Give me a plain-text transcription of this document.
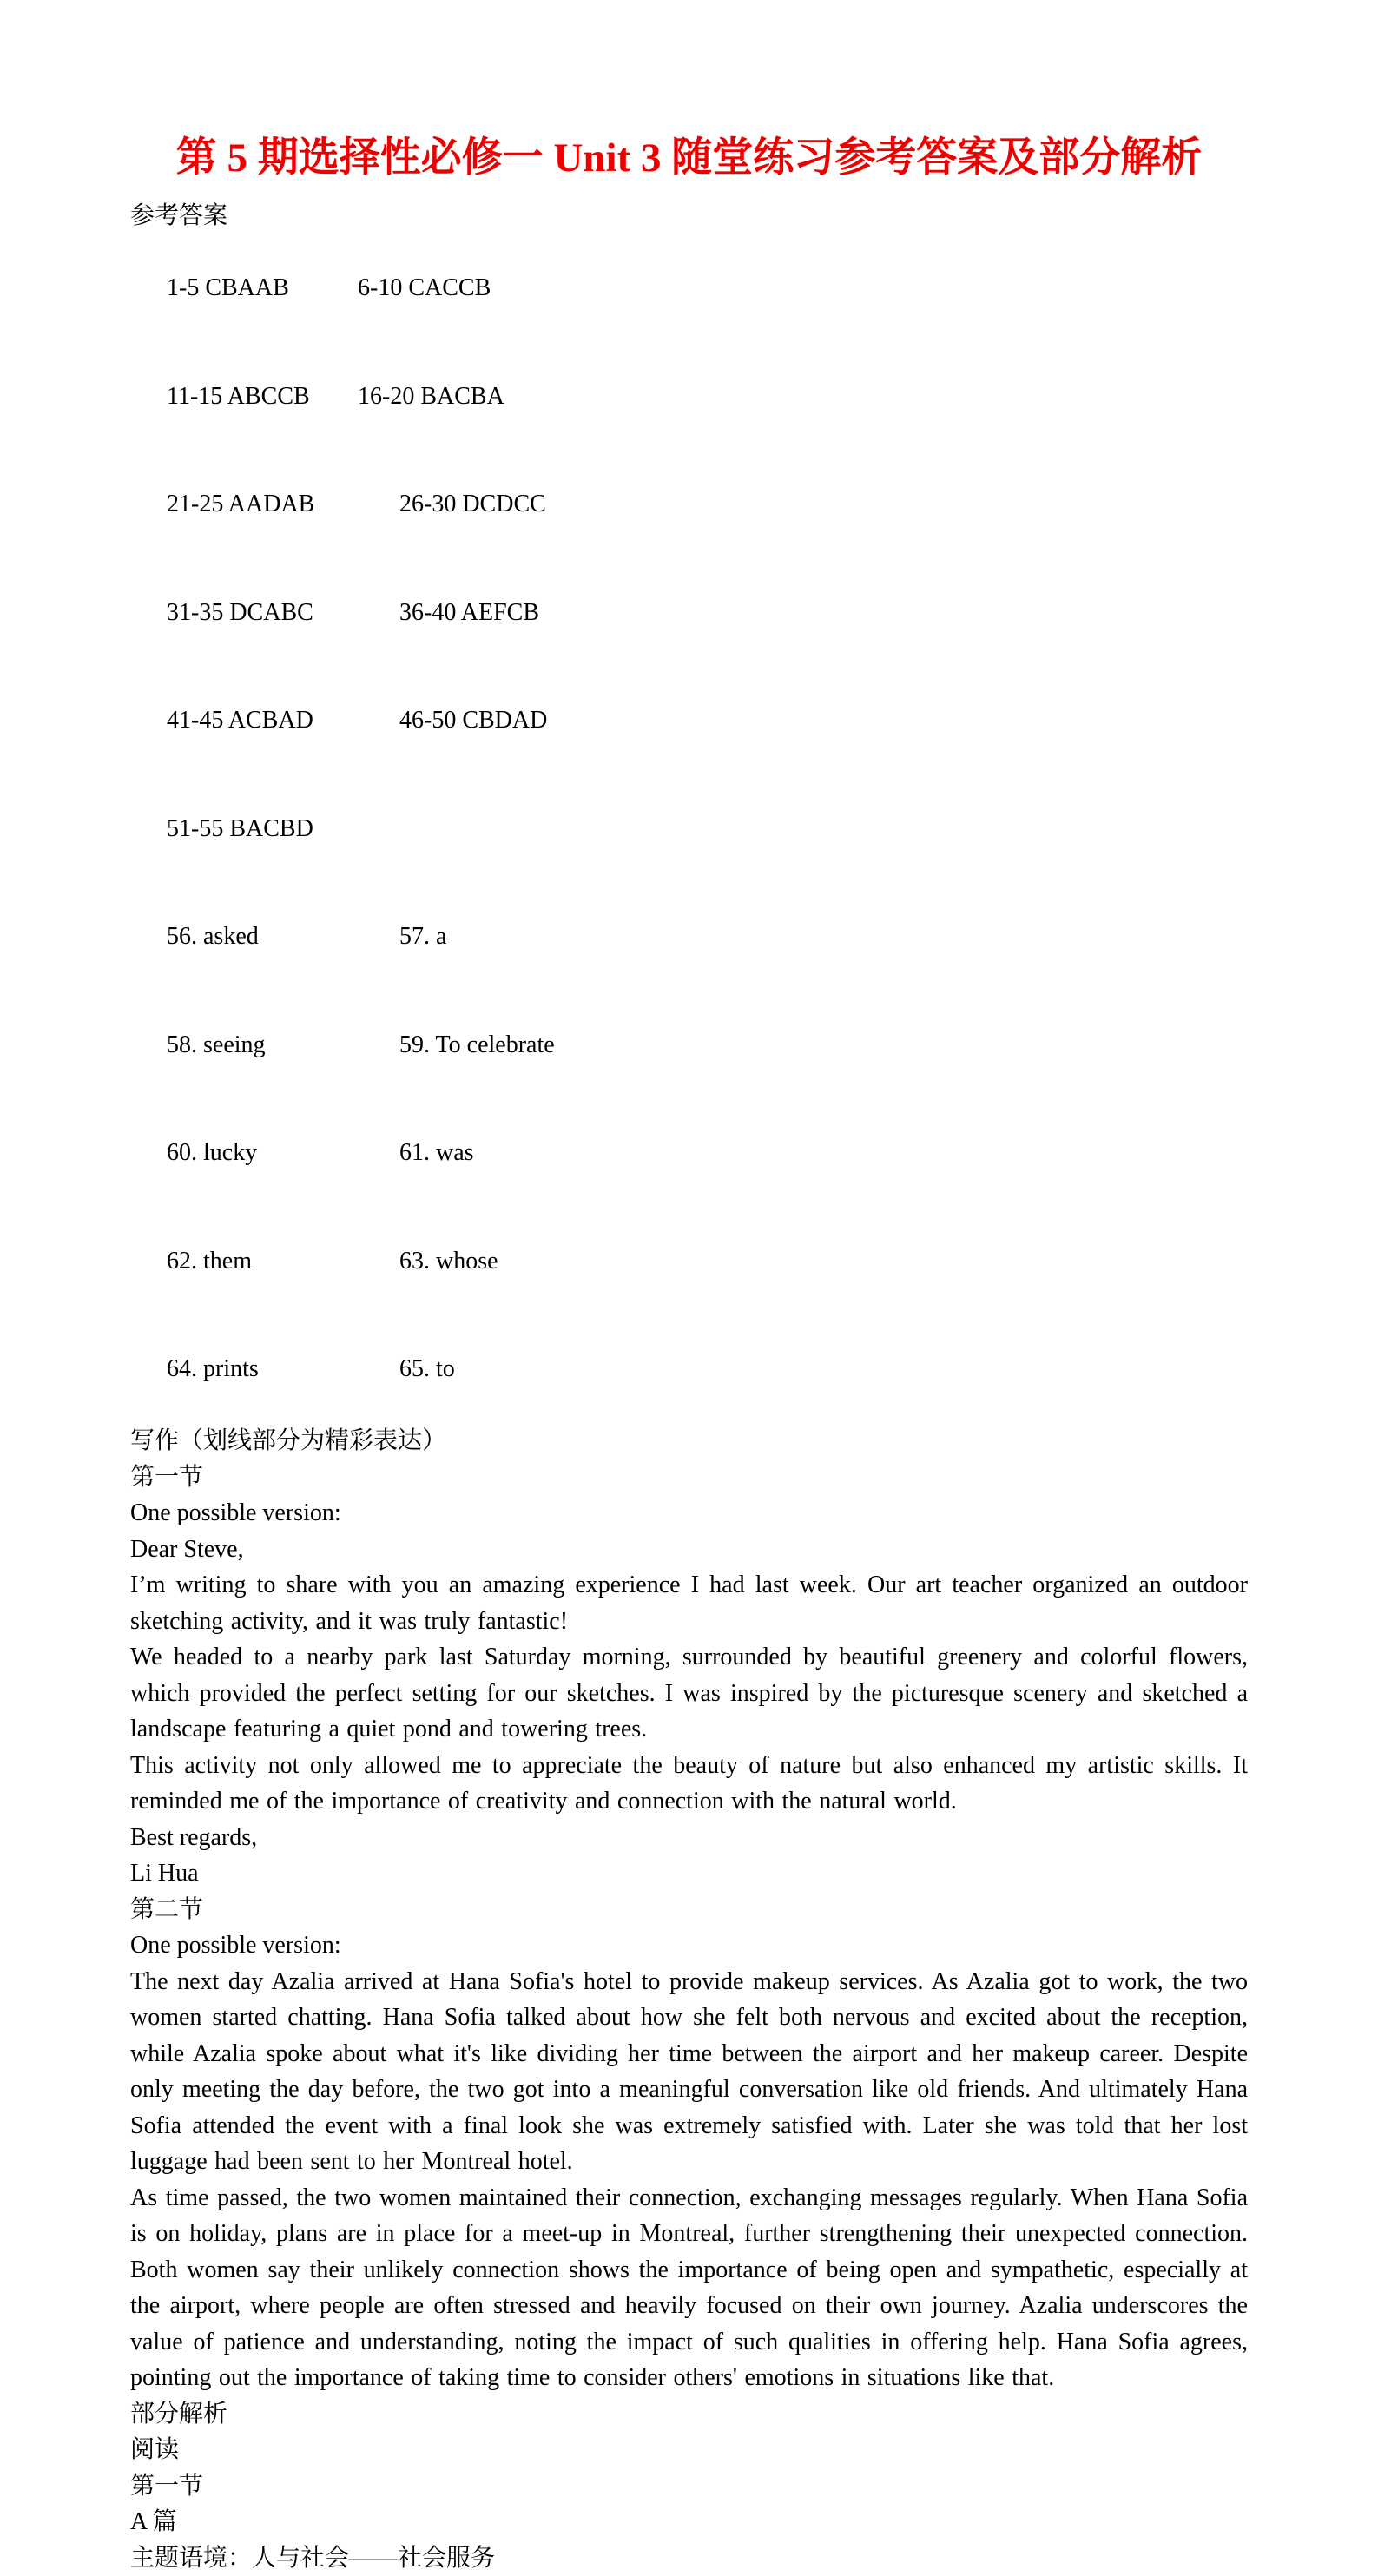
第 5 期选择性必修一 Unit 3 随堂练习参考答案及部分解析
参考答案

1-5 CBAAB	6-10 CACCB

11-15 ABCCB 16-20 BACBA

21-25 AADAB	26-30 DCDCC

31-35 DCABC	36-40 AEFCB

41-45 ACBAD	46-50 CBDAD

51-55 BACBD

56. asked	57. a

58. seeing	59. To celebrate

60. lucky	61. was

62. them	63. whose

64. prints	65. to

写作（划线部分为精彩表达）
第一节
One possible version:
Dear Steve,

I’m writing to share with you an amazing experience I had last week. Our art teacher organized an outdoor sketching activity, and it was truly fantastic!

We headed to a nearby park last Saturday morning, surrounded by beautiful greenery and colorful flowers, which provided the perfect setting for our sketches. I was inspired by the picturesque scenery and sketched a landscape featuring a quiet pond and towering trees.

This activity not only allowed me to appreciate the beauty of nature but also enhanced my artistic skills. It reminded me of the importance of creativity and connection with the natural world.

Best regards,
Li Hua
第二节
One possible version:

The next day Azalia arrived at Hana Sofia's hotel to provide makeup services. As Azalia got to work, the two women started chatting. Hana Sofia talked about how she felt both nervous and excited about the reception, while Azalia spoke about what it's like dividing her time between the airport and her makeup career. Despite only meeting the day before, the two got into a meaningful conversation like old friends. And ultimately Hana Sofia attended the event with a final look she was extremely satisfied with. Later she was told that her lost luggage had been sent to her Montreal hotel.

As time passed, the two women maintained their connection, exchanging messages regularly. When Hana Sofia is on holiday, plans are in place for a meet-up in Montreal, further strengthening their unexpected connection. Both women say their unlikely connection shows the importance of being open and sympathetic, especially at the airport, where people are often stressed and heavily focused on their own journey. Azalia underscores the value of patience and understanding, noting the impact of such qualities in offering help. Hana Sofia agrees, pointing out the importance of taking time to consider others' emotions in situations like that.

部分解析
阅读
第一节
A 篇
主题语境：人与社会——社会服务
